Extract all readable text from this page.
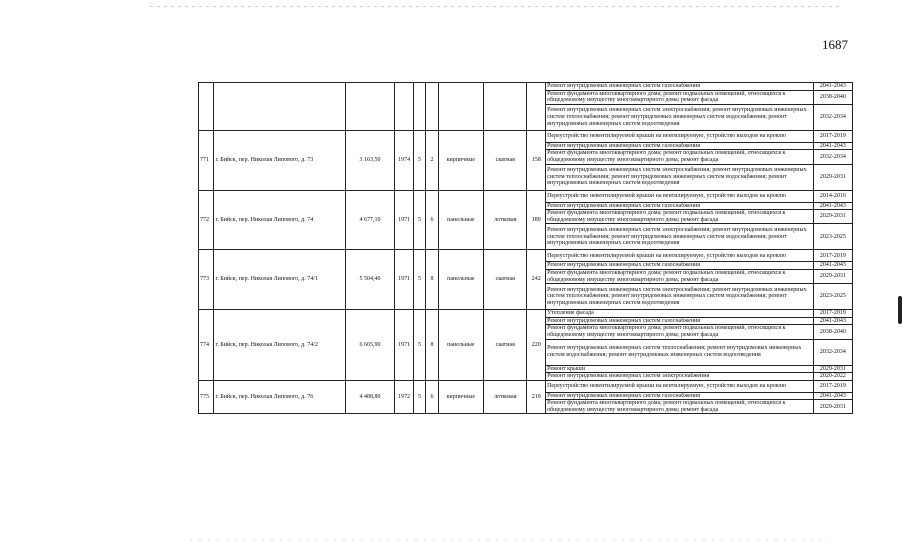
1687
									Ремонт внутридомовых инженерных систем газоснабжения	2041-2043
									Ремонт фундамента многоквартирного дома; ремонт подвальных помещений, относящихся к общедомовому имуществу многоквартирного дома; ремонт фасада	2038-2040
									Ремонт внутридомовых инженерных систем электроснабжения; ремонт внутридомовых инженерных систем теплоснабжения; ремонт внутридомовых инженерных систем водоснабжения; ремонт внутридомовых инженерных систем водоотведения	2032-2034
771	г. Бийск, пер. Николая Липового, д. 73	3 163,50	1974	5	2	кирпичные	скатная	158	Переустройство невентилируемой крыши на вентилируемую, устройство выходов на кровлю	2017-2019
									Ремонт внутридомовых инженерных систем газоснабжения	2041-2043
									Ремонт фундамента многоквартирного дома; ремонт подвальных помещений, относящихся к общедомовому имуществу многоквартирного дома; ремонт фасада	2032-2034
									Ремонт внутридомовых инженерных систем электроснабжения; ремонт внутридомовых инженерных систем теплоснабжения; ремонт внутридомовых инженерных систем водоснабжения; ремонт внутридомовых инженерных систем водоотведения	2029-2031
772	г. Бийск, пер. Николая Липового, д. 74	4 677,10	1971	5	6	панельные	лотковая	189	Переустройство невентилируемой крыши на вентилируемую, устройство выходов на кровлю	2014-2016
									Ремонт внутридомовых инженерных систем газоснабжения	2041-2043
									Ремонт фундамента многоквартирного дома; ремонт подвальных помещений, относящихся к общедомовому имуществу многоквартирного дома; ремонт фасада	2029-2031
									Ремонт внутридомовых инженерных систем электроснабжения; ремонт внутридомовых инженерных систем теплоснабжения; ремонт внутридомовых инженерных систем водоснабжения; ремонт внутридомовых инженерных систем водоотведения	2023-2025
773	г. Бийск, пер. Николая Липового, д. 74/1	5 504,40	1971	5	8	панельные	скатная	242	Переустройство невентилируемой крыши на вентилируемую, устройство выходов на кровлю	2017-2019
									Ремонт внутридомовых инженерных систем газоснабжения	2041-2043
									Ремонт фундамента многоквартирного дома; ремонт подвальных помещений, относящихся к общедомовому имуществу многоквартирного дома; ремонт фасада	2029-2031
									Ремонт внутридомовых инженерных систем электроснабжения; ремонт внутридомовых инженерных систем теплоснабжения; ремонт внутридомовых инженерных систем водоснабжения; ремонт внутридомовых инженерных систем водоотведения	2023-2025
774	г. Бийск, пер. Николая Липового, д. 74/2	6 665,90	1971	5	8	панельные	скатная	220	Утепление фасада	2017-2019
									Ремонт внутридомовых инженерных систем газоснабжения	2041-2043
									Ремонт фундамента многоквартирного дома; ремонт подвальных помещений, относящихся к общедомовому имуществу многоквартирного дома; ремонт фасада	2038-2040
									Ремонт внутридомовых инженерных систем теплоснабжения; ремонт внутридомовых инженерных систем водоснабжения; ремонт внутридомовых инженерных систем водоотведения	2032-2034
									Ремонт крыши	2029-2031
									Ремонт внутридомовых инженерных систем электроснабжения	2020-2022
775	г. Бийск, пер. Николая Липового, д. 76	4 488,80	1972	5	6	кирпичные	лотковая	219	Переустройство невентилируемой крыши на вентилируемую, устройство выходов на кровлю	2017-2019
									Ремонт внутридомовых инженерных систем газоснабжения	2041-2043
									Ремонт фундамента многоквартирного дома; ремонт подвальных помещений, относящихся к общедомовому имуществу многоквартирного дома; ремонт фасада	2029-2031
